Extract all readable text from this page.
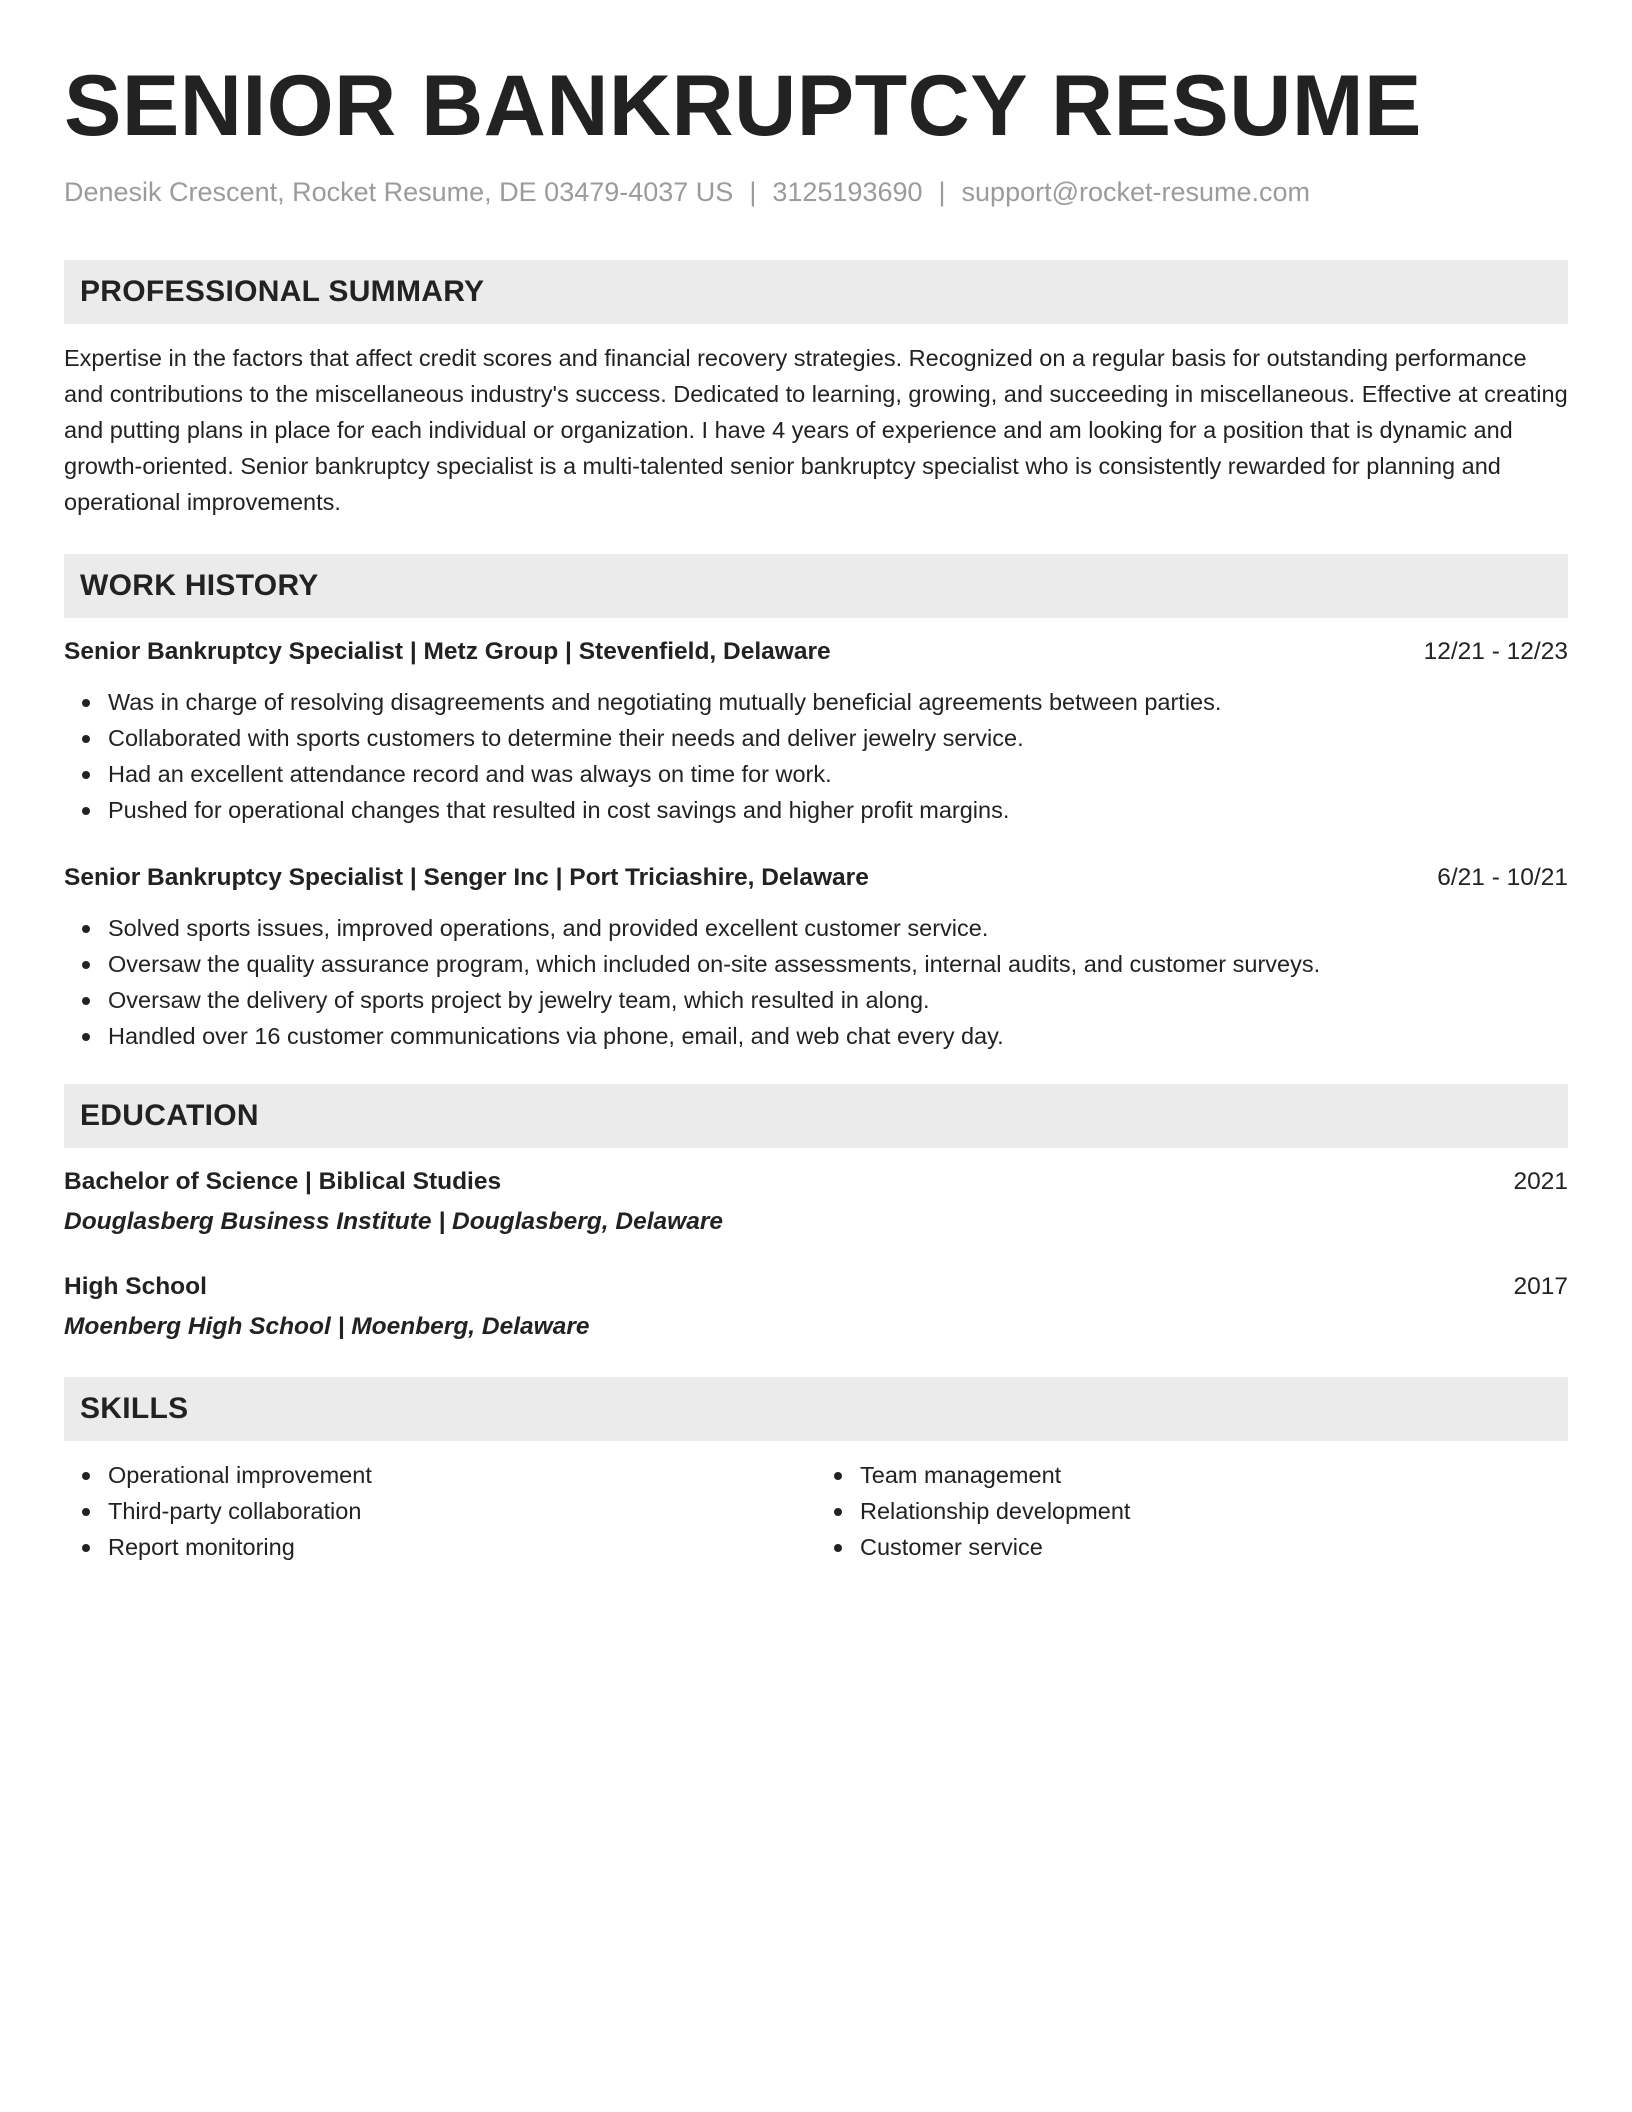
SENIOR BANKRUPTCY RESUME
Denesik Crescent, Rocket Resume, DE 03479-4037 US | 3125193690 | support@rocket-resume.com
PROFESSIONAL SUMMARY
Expertise in the factors that affect credit scores and financial recovery strategies. Recognized on a regular basis for outstanding performance and contributions to the miscellaneous industry's success. Dedicated to learning, growing, and succeeding in miscellaneous. Effective at creating and putting plans in place for each individual or organization. I have 4 years of experience and am looking for a position that is dynamic and growth-oriented. Senior bankruptcy specialist is a multi-talented senior bankruptcy specialist who is consistently rewarded for planning and operational improvements.
WORK HISTORY
Senior Bankruptcy Specialist | Metz Group | Stevenfield, Delaware	12/21 - 12/23
Was in charge of resolving disagreements and negotiating mutually beneficial agreements between parties.
Collaborated with sports customers to determine their needs and deliver jewelry service.
Had an excellent attendance record and was always on time for work.
Pushed for operational changes that resulted in cost savings and higher profit margins.
Senior Bankruptcy Specialist | Senger Inc | Port Triciashire, Delaware	6/21 - 10/21
Solved sports issues, improved operations, and provided excellent customer service.
Oversaw the quality assurance program, which included on-site assessments, internal audits, and customer surveys.
Oversaw the delivery of sports project by jewelry team, which resulted in along.
Handled over 16 customer communications via phone, email, and web chat every day.
EDUCATION
Bachelor of Science | Biblical Studies	2021
Douglasberg Business Institute | Douglasberg, Delaware
High School	2017
Moenberg High School | Moenberg, Delaware
SKILLS
Operational improvement
Third-party collaboration
Report monitoring
Team management
Relationship development
Customer service
